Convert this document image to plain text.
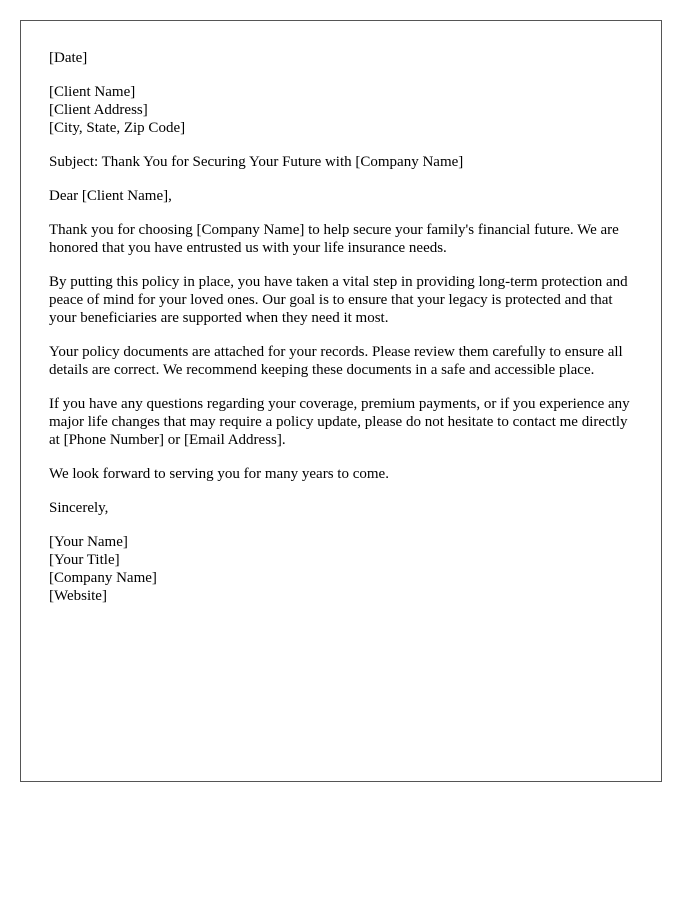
[Date]

[Client Name]
[Client Address]
[City, State, Zip Code]

Subject: Thank You for Securing Your Future with [Company Name]

Dear [Client Name],

Thank you for choosing [Company Name] to help secure your family's financial future. We are honored that you have entrusted us with your life insurance needs.

By putting this policy in place, you have taken a vital step in providing long-term protection and peace of mind for your loved ones. Our goal is to ensure that your legacy is protected and that your beneficiaries are supported when they need it most.

Your policy documents are attached for your records. Please review them carefully to ensure all details are correct. We recommend keeping these documents in a safe and accessible place.

If you have any questions regarding your coverage, premium payments, or if you experience any major life changes that may require a policy update, please do not hesitate to contact me directly at [Phone Number] or [Email Address].

We look forward to serving you for many years to come.

Sincerely,

[Your Name]
[Your Title]
[Company Name]
[Website]
